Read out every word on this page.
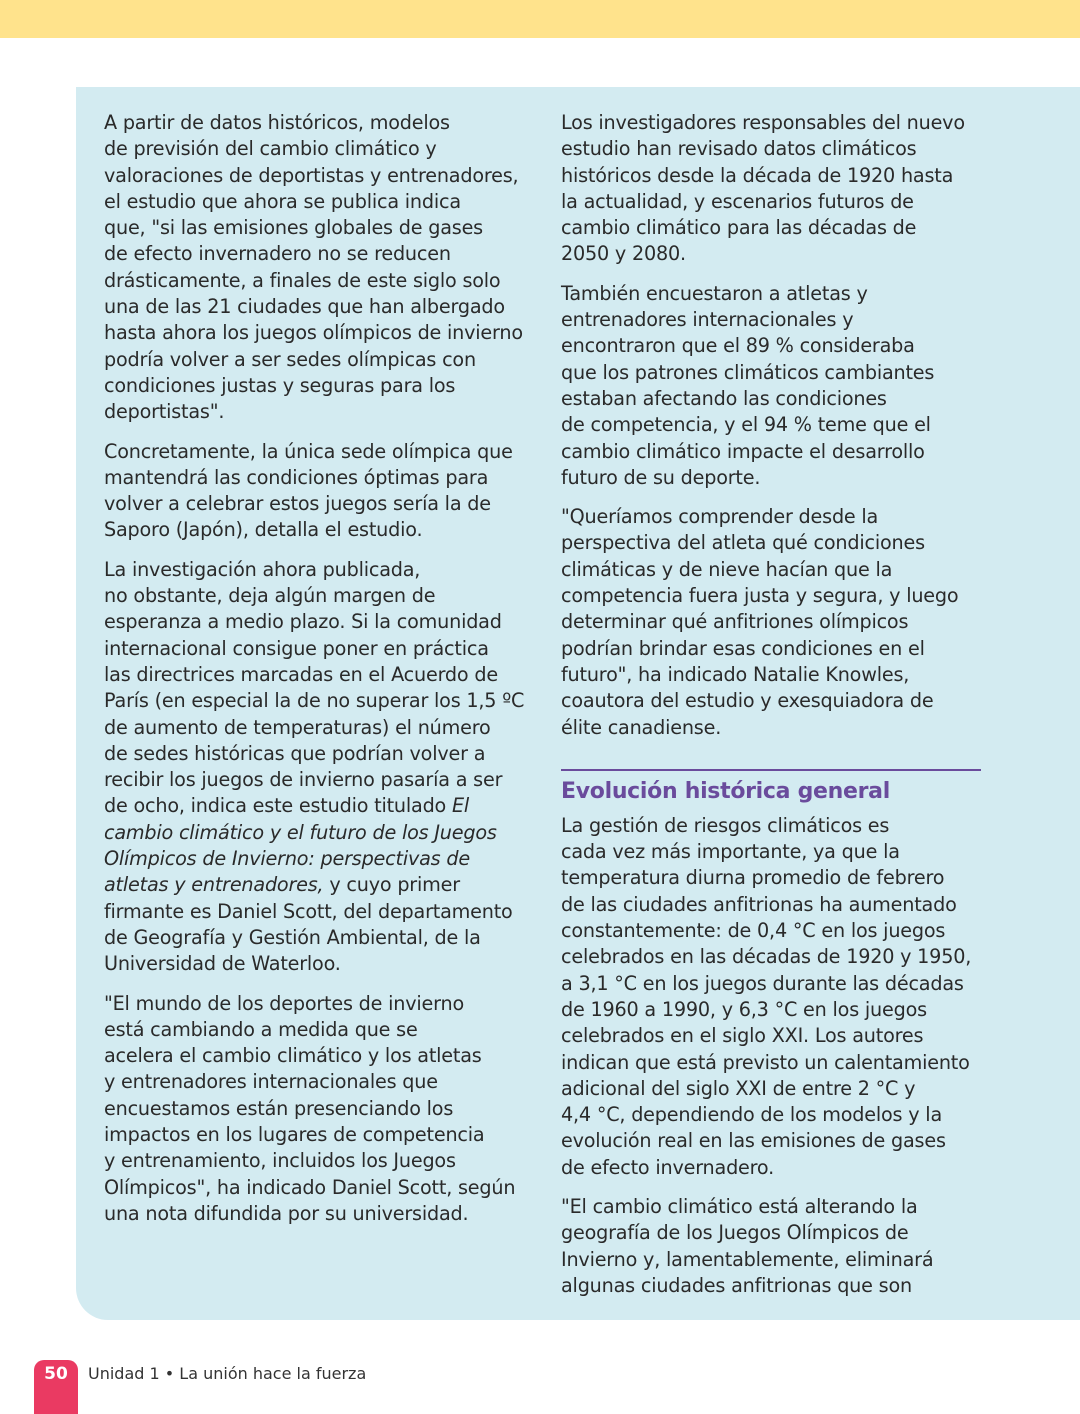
A partir de datos históricos, modelos
de previsión del cambio climático y
valoraciones de deportistas y entrenadores,
el estudio que ahora se publica indica
que, "si las emisiones globales de gases
de efecto invernadero no se reducen
drásticamente, a finales de este siglo solo
una de las 21 ciudades que han albergado
hasta ahora los juegos olímpicos de invierno
podría volver a ser sedes olímpicas con
condiciones justas y seguras para los
deportistas".
Concretamente, la única sede olímpica que
mantendrá las condiciones óptimas para
volver a celebrar estos juegos sería la de
Saporo (Japón), detalla el estudio.
La investigación ahora publicada,
no obstante, deja algún margen de
esperanza a medio plazo. Si la comunidad
internacional consigue poner en práctica
las directrices marcadas en el Acuerdo de
París (en especial la de no superar los 1,5 ºC
de aumento de temperaturas) el número
de sedes históricas que podrían volver a
recibir los juegos de invierno pasaría a ser
de ocho, indica este estudio titulado El
cambio climático y el futuro de los Juegos
Olímpicos de Invierno: perspectivas de
atletas y entrenadores, y cuyo primer
firmante es Daniel Scott, del departamento
de Geografía y Gestión Ambiental, de la
Universidad de Waterloo.
"El mundo de los deportes de invierno
está cambiando a medida que se
acelera el cambio climático y los atletas
y entrenadores internacionales que
encuestamos están presenciando los
impactos en los lugares de competencia
y entrenamiento, incluidos los Juegos
Olímpicos", ha indicado Daniel Scott, según
una nota difundida por su universidad.
Los investigadores responsables del nuevo
estudio han revisado datos climáticos
históricos desde la década de 1920 hasta
la actualidad, y escenarios futuros de
cambio climático para las décadas de
2050 y 2080.
También encuestaron a atletas y
entrenadores internacionales y
encontraron que el 89 % consideraba
que los patrones climáticos cambiantes
estaban afectando las condiciones
de competencia, y el 94 % teme que el
cambio climático impacte el desarrollo
futuro de su deporte.
"Queríamos comprender desde la
perspectiva del atleta qué condiciones
climáticas y de nieve hacían que la
competencia fuera justa y segura, y luego
determinar qué anfitriones olímpicos
podrían brindar esas condiciones en el
futuro", ha indicado Natalie Knowles,
coautora del estudio y exesquiadora de
élite canadiense.
Evolución histórica general
La gestión de riesgos climáticos es
cada vez más importante, ya que la
temperatura diurna promedio de febrero
de las ciudades anfitrionas ha aumentado
constantemente: de 0,4 °C en los juegos
celebrados en las décadas de 1920 y 1950,
a 3,1 °C en los juegos durante las décadas
de 1960 a 1990, y 6,3 °C en los juegos
celebrados en el siglo XXI. Los autores
indican que está previsto un calentamiento
adicional del siglo XXI de entre 2 °C y
4,4 °C, dependiendo de los modelos y la
evolución real en las emisiones de gases
de efecto invernadero.
"El cambio climático está alterando la
geografía de los Juegos Olímpicos de
Invierno y, lamentablemente, eliminará
algunas ciudades anfitrionas que son
50	Unidad 1 • La unión hace la fuerza
